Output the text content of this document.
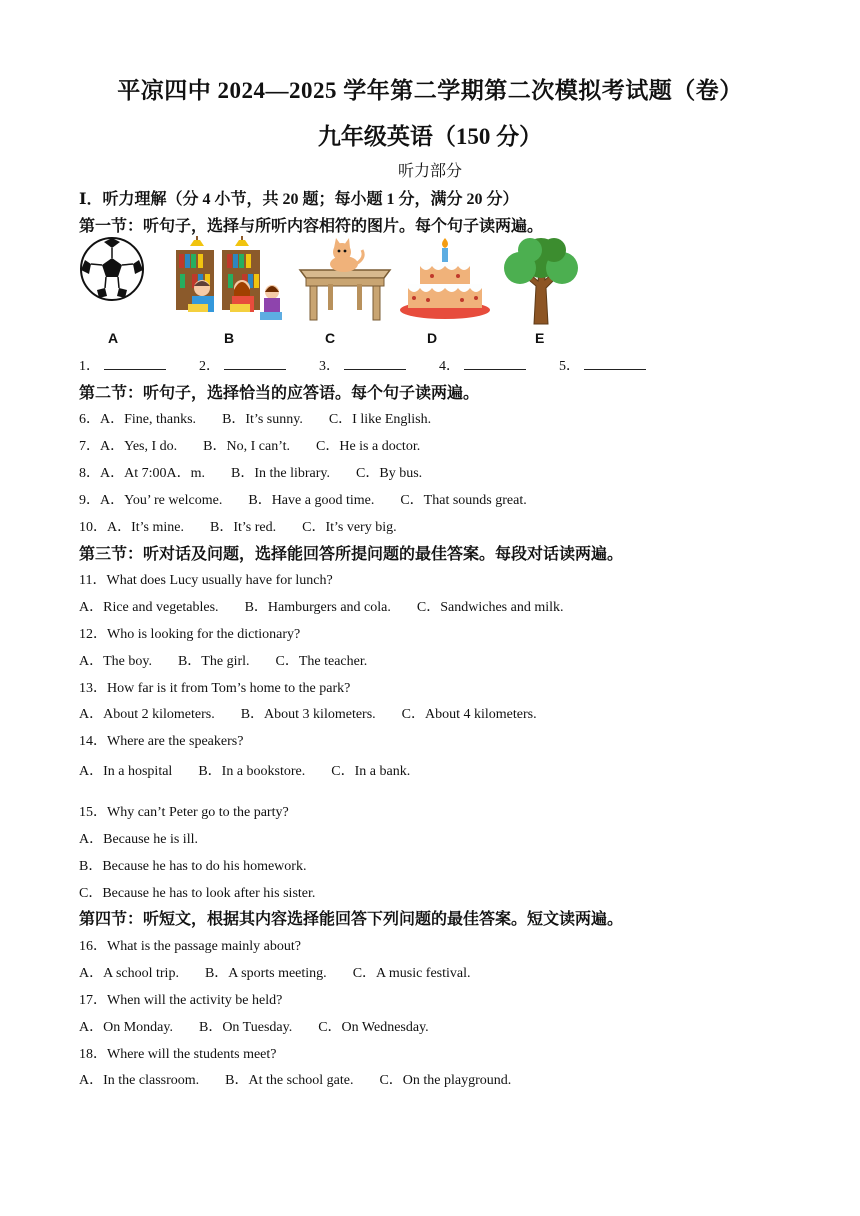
平凉四中 2024—2025 学年第二学期第二次模拟考试题（卷）
九年级英语（150 分）
听力部分
Ⅰ．听力理解（分 4 小节，共 20 题；每小题 1 分，满分 20 分）
第一节：听句子，选择与所听内容相符的图片。每个句子读两遍。
A	B	C	D	E
1．	2．	3．	4．	5．
第二节：听句子，选择恰当的应答语。每个句子读两遍。
6．A．Fine, thanks. B．It’s sunny. C．I like English.
7．A．Yes, I do. B．No, I can’t. C．He is a doctor.
8．A．At 7:00A．m. B．In the library. C．By bus.
9．A．You’ re welcome. B．Have a good time. C．That sounds great.
10．A．It’s mine. B．It’s red. C．It’s very big.
第三节：听对话及问题，选择能回答所提问题的最佳答案。每段对话读两遍。
11．What does Lucy usually have for lunch?
A．Rice and vegetables. B．Hamburgers and cola. C．Sandwiches and milk.
12．Who is looking for the dictionary?
A．The boy. B．The girl. C．The teacher.
13．How far is it from Tom’s home to the park?
A．About 2 kilometers. B．About 3 kilometers. C．About 4 kilometers.
14．Where are the speakers?
A．In a hospital B．In a bookstore. C．In a bank.
15．Why can’t Peter go to the party?
A．Because he is ill.
B．Because he has to do his homework.
C．Because he has to look after his sister.
第四节：听短文，根据其内容选择能回答下列问题的最佳答案。短文读两遍。
16．What is the passage mainly about?
A．A school trip. B．A sports meeting. C．A music festival.
17．When will the activity be held?
A．On Monday. B．On Tuesday. C．On Wednesday.
18．Where will the students meet?
A．In the classroom. B．At the school gate. C．On the playground.
